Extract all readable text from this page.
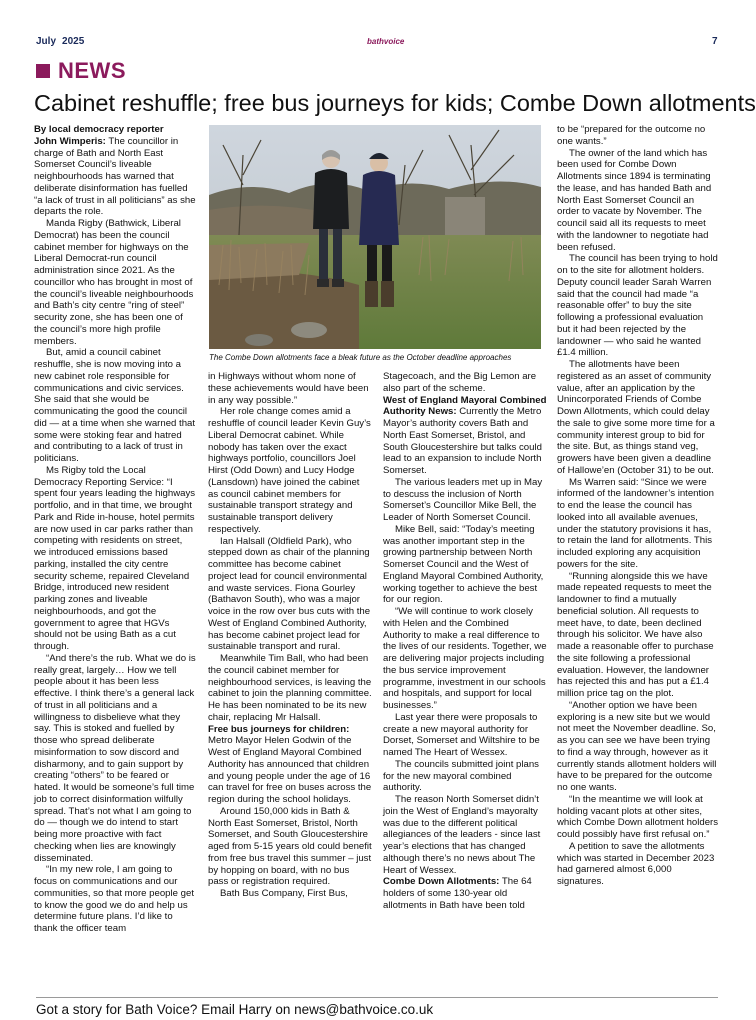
July 2025	bathvoice	7
NEWS
Cabinet reshuffle; free bus journeys for kids; Combe Down allotments

By local democracy reporter
John Wimperis: The councillor in charge of Bath and North East Somerset Council’s liveable neighbourhoods has warned that deliberate disinformation has fuelled “a lack of trust in all politicians” as she departs the role.

Manda Rigby (Bathwick, Liberal Democrat) has been the council cabinet member for highways on the Liberal Democrat-run council administration since 2021. As the councillor who has brought in most of the council’s liveable neighbourhoods and Bath’s city centre “ring of steel” security zone, she has been one of the council’s more high profile members.

But, amid a council cabinet reshuffle, she is now moving into a new cabinet role responsible for communications and civic services. She said that she would be communicating the good the council did — at a time when she warned that some were stoking fear and hatred and contributing to a lack of trust in politicians.

Ms Rigby told the Local Democracy Reporting Service: “I spent four years leading the highways portfolio, and in that time, we brought Park and Ride in-house, hotel permits are now used in car parks rather than competing with residents on street, we introduced emissions based parking, installed the city centre security scheme, repaired Cleveland Bridge, introduced new resident parking zones and liveable neighbourhoods, and got the government to agree that HGVs should not be using Bath as a cut through.

“And there’s the rub. What we do is really great, largely… How we tell people about it has been less effective. I think there’s a general lack of trust in all politicians and a willingness to disbelieve what they say. This is stoked and fuelled by those who spread deliberate misinformation to sow discord and disharmony, and to gain support by creating “others” to be feared or hated. It would be someone’s full time job to correct disinformation wilfully spread. That’s not what I am going to do — though we do intend to start being more proactive with fact checking when lies are knowingly disseminated.

“In my new role, I am going to focus on communications and our communities, so that more people get to know the good we do and help us determine future plans. I’d like to thank the officer team

The Combe Down allotments face a bleak future as the October deadline approaches

in Highways without whom none of these achievements would have been in any way possible.”

Her role change comes amid a reshuffle of council leader Kevin Guy’s Liberal Democrat cabinet. While nobody has taken over the exact highways portfolio, councillors Joel Hirst (Odd Down) and Lucy Hodge (Lansdown) have joined the cabinet as council cabinet members for sustainable transport strategy and sustainable transport delivery respectively.

Ian Halsall (Oldfield Park), who stepped down as chair of the planning committee has become cabinet project lead for council environmental and waste services. Fiona Gourley (Bathavon South), who was a major voice in the row over bus cuts with the West of England Combined Authority, has become cabinet project lead for sustainable transport and rural.

Meanwhile Tim Ball, who had been the council cabinet member for neighbourhood services, is leaving the cabinet to join the planning committee. He has been nominated to be its new chair, replacing Mr Halsall.

Free bus journeys for children: Metro Mayor Helen Godwin of the West of England Mayoral Combined Authority has announced that children and young people under the age of 16 can travel for free on buses across the region during the school holidays.

Around 150,000 kids in Bath & North East Somerset, Bristol, North Somerset, and South Gloucestershire aged from 5-15 years old could benefit from free bus travel this summer – just by hopping on board, with no bus pass or registration required.

Bath Bus Company, First Bus,

Stagecoach, and the Big Lemon are also part of the scheme.

West of England Mayoral Combined Authority News: Currently the Metro Mayor’s authority covers Bath and North East Somerset, Bristol, and South Gloucestershire but talks could lead to an expansion to include North Somerset.

The various leaders met up in May to descuss the inclusion of North Somerset’s Councillor Mike Bell, the Leader of North Somerset Council.

Mike Bell, said: “Today’s meeting was another important step in the growing partnership between North Somerset Council and the West of England Mayoral Combined Authority, working together to achieve the best for our region.

“We will continue to work closely with Helen and the Combined Authority to make a real difference to the lives of our residents. Together, we are delivering major projects including the bus service improvement programme, investment in our schools and hospitals, and support for local businesses.”

Last year there were proposals to create a new mayoral authority for Dorset, Somerset and Wiltshire to be named The Heart of Wessex.

The councils submitted joint plans for the new mayoral combined authority.

The reason North Somerset didn’t join the West of England’s mayoralty was due to the different political allegiances of the leaders - since last year’s elections that has changed although there’s no news about The Heart of Wessex.

Combe Down Allotments: The 64 holders of some 130-year old allotments in Bath have been told

to be “prepared for the outcome no one wants.”

The owner of the land which has been used for Combe Down Allotments since 1894 is terminating the lease, and has handed Bath and North East Somerset Council an order to vacate by November. The council said all its requests to meet with the landowner to negotiate had been refused.

The council has been trying to hold on to the site for allotment holders. Deputy council leader Sarah Warren said that the council had made “a reasonable offer” to buy the site following a professional evaluation but it had been rejected by the landowner — who said he wanted £1.4 million.

The allotments have been registered as an asset of community value, after an application by the Unincorporated Friends of Combe Down Allotments, which could delay the sale to give some more time for a community interest group to bid for the site. But, as things stand veg, growers have been given a deadline of Hallowe’en (October 31) to be out.

Ms Warren said: “Since we were informed of the landowner’s intention to end the lease the council has looked into all available avenues, under the statutory provisions it has, to retain the land for allotments. This included exploring any acquisition powers for the site.

“Running alongside this we have made repeated requests to meet the landowner to find a mutually beneficial solution. All requests to meet have, to date, been declined through his solicitor. We have also made a reasonable offer to purchase the site following a professional evaluation. However, the landowner has rejected this and has put a £1.4 million price tag on the plot.

“Another option we have been exploring is a new site but we would not meet the November deadline. So, as you can see we have been trying to find a way through, however as it currently stands allotment holders will have to be prepared for the outcome no one wants.

“In the meantime we will look at holding vacant plots at other sites, which Combe Down allotment holders could possibly have first refusal on.”

A petition to save the allotments which was started in December 2023 had garnered almost 6,000 signatures.

Got a story for Bath Voice? Email Harry on news@bathvoice.co.uk
